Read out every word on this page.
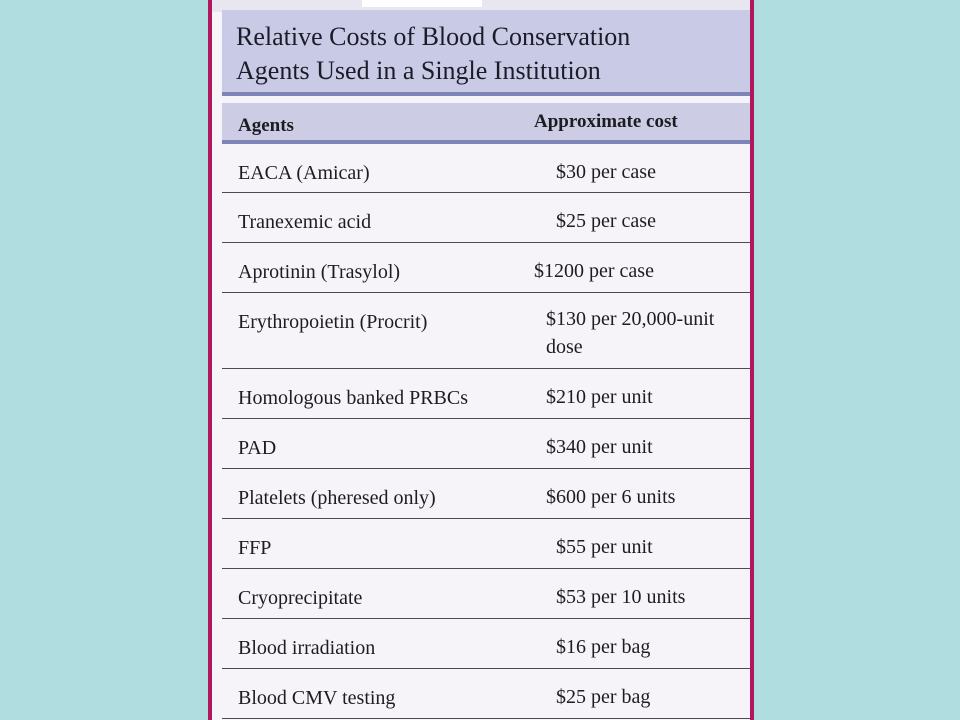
Relative Costs of Blood Conservation
Agents Used in a Single Institution
Agents	Approximate cost
EACA (Amicar)	$30 per case
Tranexemic acid	$25 per case
Aprotinin (Trasylol)	$1200 per case
Erythropoietin (Procrit)	$130 per 20,000-unit dose
Homologous banked PRBCs	$210 per unit
PAD	$340 per unit
Platelets (pheresed only)	$600 per 6 units
FFP	$55 per unit
Cryoprecipitate	$53 per 10 units
Blood irradiation	$16 per bag
Blood CMV testing	$25 per bag
